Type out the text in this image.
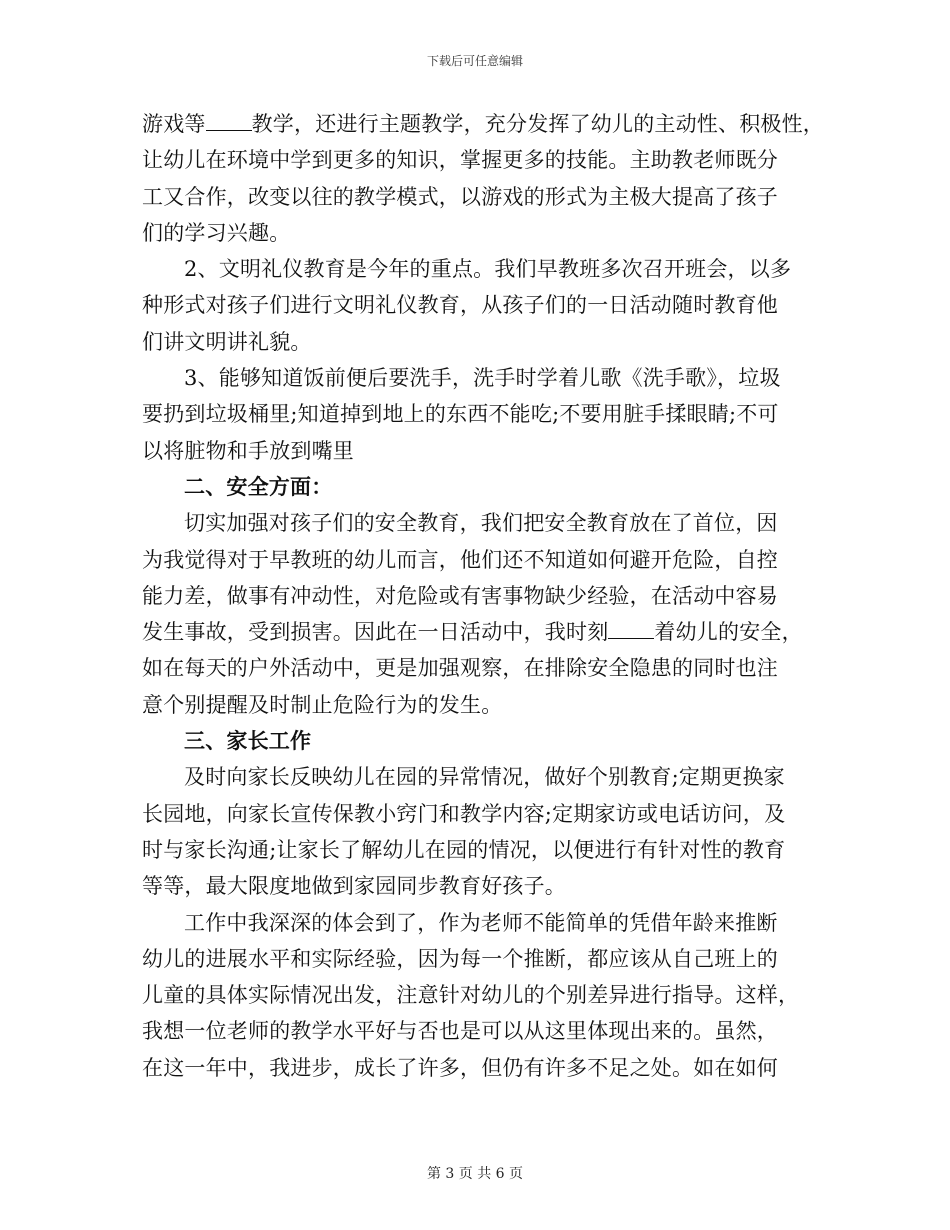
下载后可任意编辑
游戏等 教学，还进行主题教学，充分发挥了幼儿的主动性、积极性，
让幼儿在环境中学到更多的知识，掌握更多的技能。主助教老师既分
工又合作，改变以往的教学模式，以游戏的形式为主极大提高了孩子
们的学习兴趣。
2、文明礼仪教育是今年的重点。我们早教班多次召开班会，以多
种形式对孩子们进行文明礼仪教育，从孩子们的一日活动随时教育他
们讲文明讲礼貌。
3、能够知道饭前便后要洗手，洗手时学着儿歌《洗手歌》，垃圾
要扔到垃圾桶里;知道掉到地上的东西不能吃;不要用脏手揉眼睛;不可
以将脏物和手放到嘴里
二、安全方面：
切实加强对孩子们的安全教育，我们把安全教育放在了首位，因
为我觉得对于早教班的幼儿而言，他们还不知道如何避开危险，自控
能力差，做事有冲动性，对危险或有害事物缺少经验，在活动中容易
发生事故，受到损害。因此在一日活动中，我时刻 着幼儿的安全，
如在每天的户外活动中，更是加强观察，在排除安全隐患的同时也注
意个别提醒及时制止危险行为的发生。
三、家长工作
及时向家长反映幼儿在园的异常情况，做好个别教育;定期更换家
长园地，向家长宣传保教小窍门和教学内容;定期家访或电话访问，及
时与家长沟通;让家长了解幼儿在园的情况，以便进行有针对性的教育
等等，最大限度地做到家园同步教育好孩子。
工作中我深深的体会到了，作为老师不能简单的凭借年龄来推断
幼儿的进展水平和实际经验，因为每一个推断，都应该从自己班上的
儿童的具体实际情况出发，注意针对幼儿的个别差异进行指导。这样，
我想一位老师的教学水平好与否也是可以从这里体现出来的。虽然，
在这一年中，我进步，成长了许多，但仍有许多不足之处。如在如何
第 3 页 共 6 页
